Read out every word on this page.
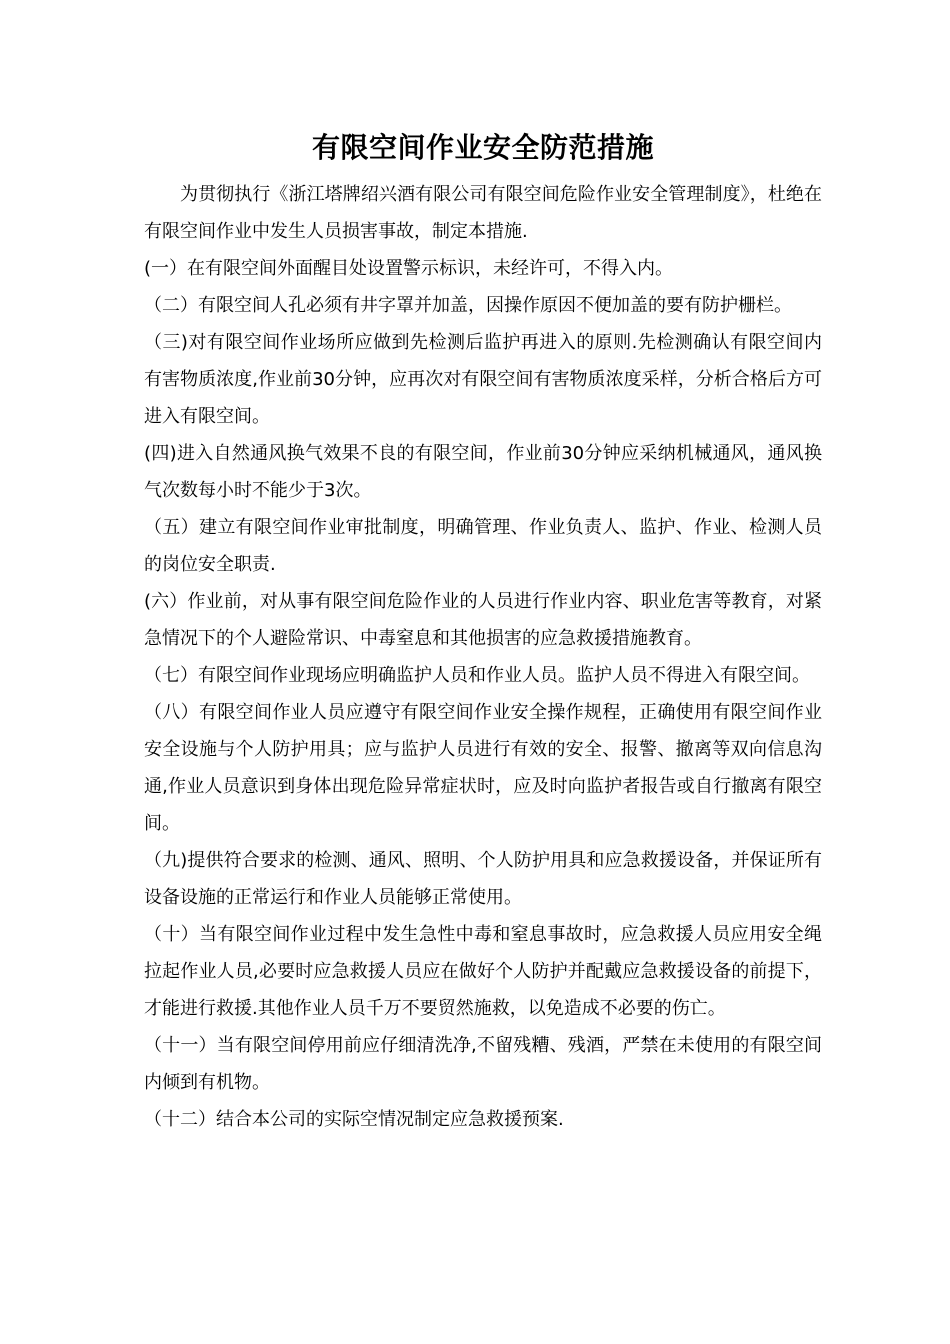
有限空间作业安全防范措施

为贯彻执行《浙江塔牌绍兴酒有限公司有限空间危险作业安全管理制度》，杜绝在有限空间作业中发生人员损害事故，制定本措施.

(一）在有限空间外面醒目处设置警示标识，未经许可，不得入内。

（二）有限空间人孔必须有井字罩并加盖，因操作原因不便加盖的要有防护栅栏。

（三)对有限空间作业场所应做到先检测后监护再进入的原则.先检测确认有限空间内有害物质浓度,作业前30分钟，应再次对有限空间有害物质浓度采样，分析合格后方可进入有限空间。

(四)进入自然通风换气效果不良的有限空间，作业前30分钟应采纳机械通风，通风换气次数每小时不能少于3次。

（五）建立有限空间作业审批制度，明确管理、作业负责人、监护、作业、检测人员的岗位安全职责.

(六）作业前，对从事有限空间危险作业的人员进行作业内容、职业危害等教育，对紧急情况下的个人避险常识、中毒窒息和其他损害的应急救援措施教育。

（七）有限空间作业现场应明确监护人员和作业人员。监护人员不得进入有限空间。

（八）有限空间作业人员应遵守有限空间作业安全操作规程，正确使用有限空间作业安全设施与个人防护用具；应与监护人员进行有效的安全、报警、撤离等双向信息沟通,作业人员意识到身体出现危险异常症状时，应及时向监护者报告或自行撤离有限空间。

（九)提供符合要求的检测、通风、照明、个人防护用具和应急救援设备，并保证所有设备设施的正常运行和作业人员能够正常使用。

（十）当有限空间作业过程中发生急性中毒和窒息事故时，应急救援人员应用安全绳拉起作业人员,必要时应急救援人员应在做好个人防护并配戴应急救援设备的前提下，才能进行救援.其他作业人员千万不要贸然施救，以免造成不必要的伤亡。

（十一）当有限空间停用前应仔细清洗净,不留残糟、残酒，严禁在未使用的有限空间内倾到有机物。

（十二）结合本公司的实际空情况制定应急救援预案.
